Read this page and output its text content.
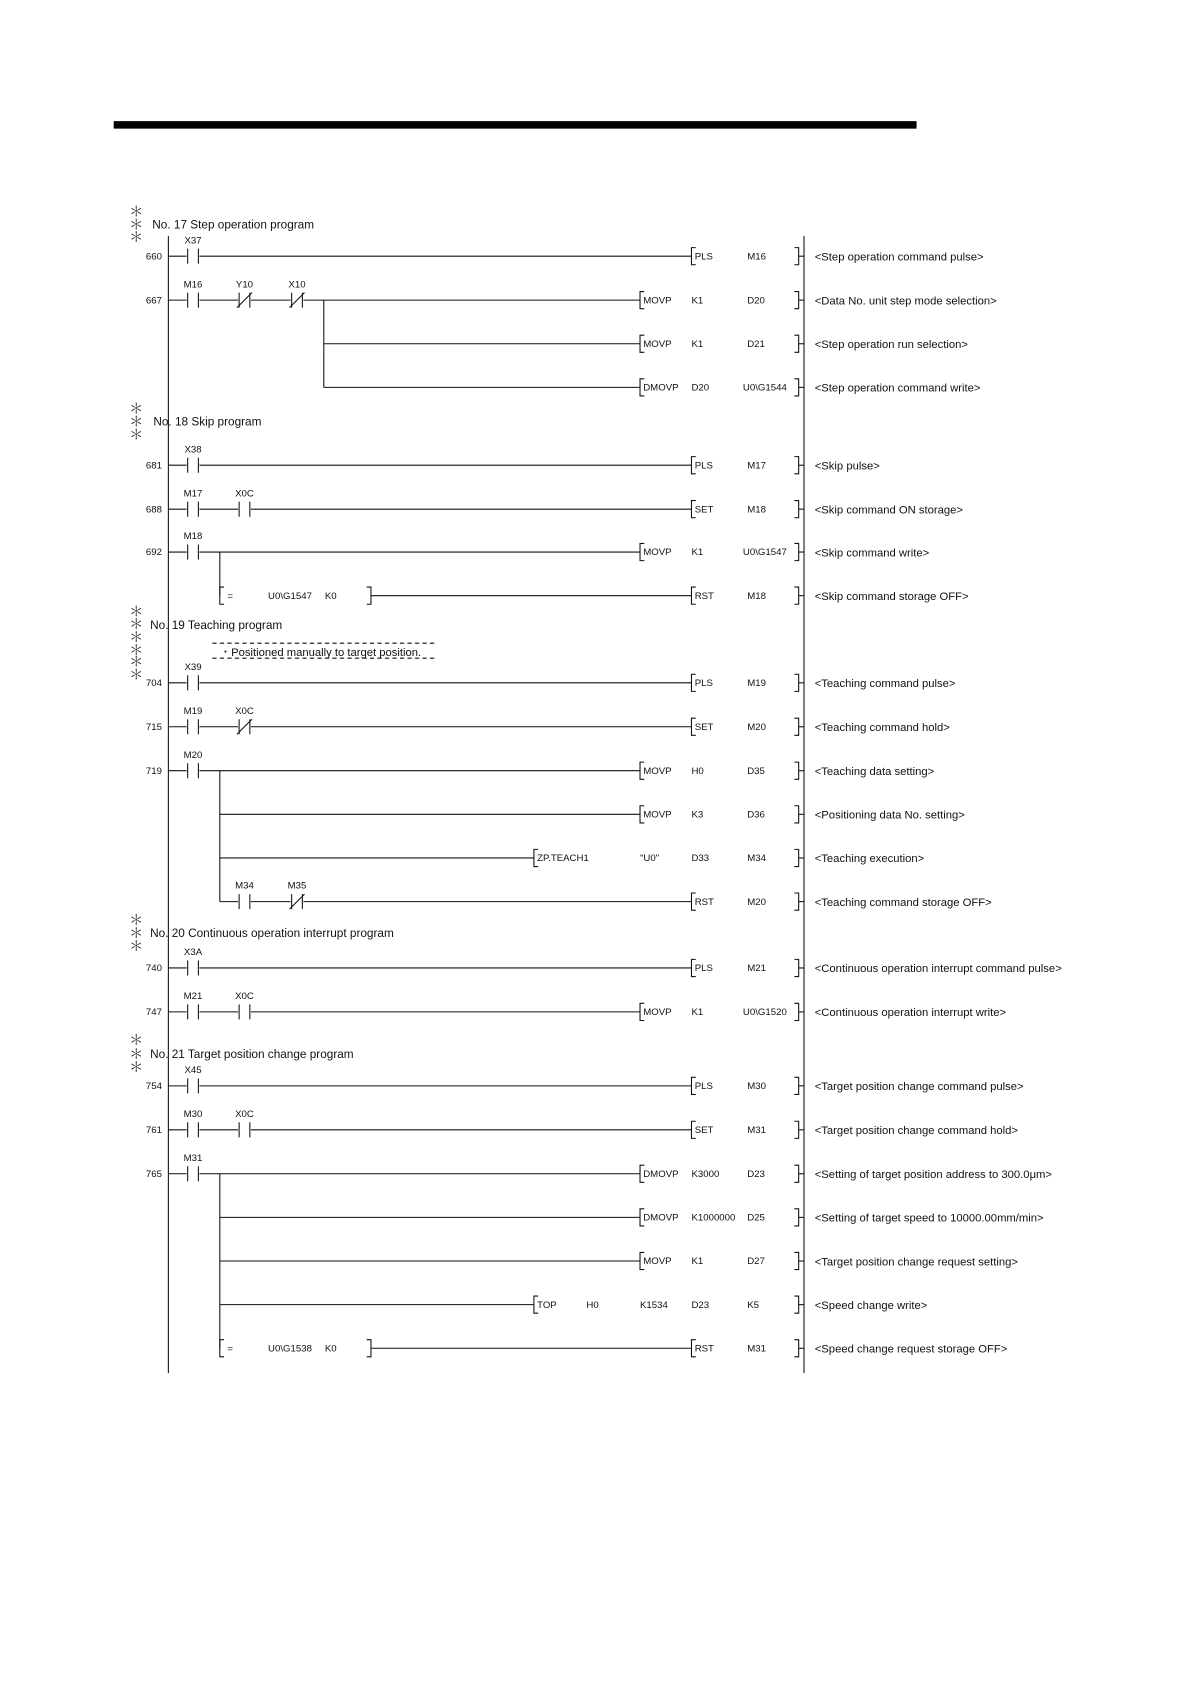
＊
＊
＊
No. 17 Step operation program
660	PLS	M16	<Step operation command pulse>
X37
667	MOVP K1	D20	<Data No. unit step mode selection>
MOVP K1	D21	<Step operation run selection>
DMOVP D20	U0\G1544	<Step operation command write>
M16	Y10	X10
＊
＊
＊
No. 18 Skip program
681	PLS	M17	<Skip pulse>
X38
688	SET	M18	<Skip command ON storage>
M17	X0C
692	MOVP K1	U0\G1547	<Skip command write>
=	U0\G1547 K0	RST	M18	<Skip command storage OFF>
M18
＊
＊
＊
＊
＊
＊
No. 19 Teaching program
・Positioned manually to target position.
704	PLS	M19	<Teaching command pulse>
X39
715	SET	M20	<Teaching command hold>
M19	X0C
719	MOVP H0	D35	<Teaching data setting>
MOVP K3	D36	<Positioning data No. setting>
ZP.TEACH1	"U0"	D33	M34	<Teaching execution>
RST	M20	<Teaching command storage OFF>
M34	M35
M20
＊
＊
＊
No. 20 Continuous operation interrupt program
740	PLS	M21	<Continuous operation interrupt command pulse>
X3A
747	MOVP K1	U0\G1520	<Continuous operation interrupt write>
M21	X0C
＊
＊
＊
No. 21 Target position change program
754	PLS	M30	<Target position change command pulse>
X45
761	SET	M31	<Target position change command hold>
M30	X0C
765	DMOVP K3000	D23	<Setting of target position address to 300.0μm>
DMOVP K1000000 D25	<Setting of target speed to 10000.00mm/min>
MOVP K1	D27	<Target position change request setting>
TOP	H0	K1534	D23	K5	<Speed change write>
=	U0\G1538 K0	RST	M31	<Speed change request storage OFF>
M31
